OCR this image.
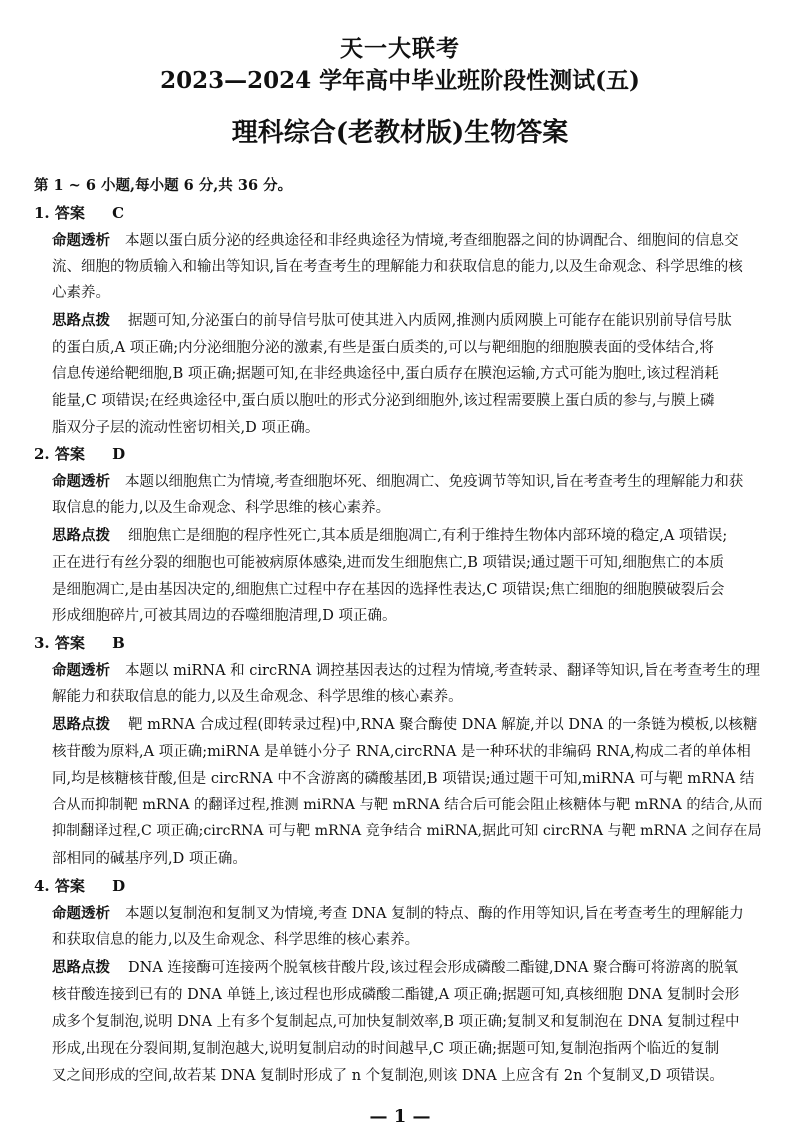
天一大联考
2023—2024 学年高中毕业班阶段性测试(五)
理科综合(老教材版)生物答案
第 1 ~ 6 小题,每小题 6 分,共 36 分。
1. 答案 C
命题透析 本题以蛋白质分泌的经典途径和非经典途径为情境,考查细胞器之间的协调配合、细胞间的信息交
流、细胞的物质输入和输出等知识,旨在考查考生的理解能力和获取信息的能力,以及生命观念、科学思维的核
心素养。
思路点拨 据题可知,分泌蛋白的前导信号肽可使其进入内质网,推测内质网膜上可能存在能识别前导信号肽
的蛋白质,A 项正确;内分泌细胞分泌的激素,有些是蛋白质类的,可以与靶细胞的细胞膜表面的受体结合,将
信息传递给靶细胞,B 项正确;据题可知,在非经典途径中,蛋白质存在膜泡运输,方式可能为胞吐,该过程消耗
能量,C 项错误;在经典途径中,蛋白质以胞吐的形式分泌到细胞外,该过程需要膜上蛋白质的参与,与膜上磷
脂双分子层的流动性密切相关,D 项正确。
2. 答案 D
命题透析 本题以细胞焦亡为情境,考查细胞坏死、细胞凋亡、免疫调节等知识,旨在考查考生的理解能力和获
取信息的能力,以及生命观念、科学思维的核心素养。
思路点拨 细胞焦亡是细胞的程序性死亡,其本质是细胞凋亡,有利于维持生物体内部环境的稳定,A 项错误;
正在进行有丝分裂的细胞也可能被病原体感染,进而发生细胞焦亡,B 项错误;通过题干可知,细胞焦亡的本质
是细胞凋亡,是由基因决定的,细胞焦亡过程中存在基因的选择性表达,C 项错误;焦亡细胞的细胞膜破裂后会
形成细胞碎片,可被其周边的吞噬细胞清理,D 项正确。
3. 答案 B
命题透析 本题以 miRNA 和 circRNA 调控基因表达的过程为情境,考查转录、翻译等知识,旨在考查考生的理
解能力和获取信息的能力,以及生命观念、科学思维的核心素养。
思路点拨 靶 mRNA 合成过程(即转录过程)中,RNA 聚合酶使 DNA 解旋,并以 DNA 的一条链为模板,以核糖
核苷酸为原料,A 项正确;miRNA 是单链小分子 RNA,circRNA 是一种环状的非编码 RNA,构成二者的单体相
同,均是核糖核苷酸,但是 circRNA 中不含游离的磷酸基团,B 项错误;通过题干可知,miRNA 可与靶 mRNA 结
合从而抑制靶 mRNA 的翻译过程,推测 miRNA 与靶 mRNA 结合后可能会阻止核糖体与靶 mRNA 的结合,从而
抑制翻译过程,C 项正确;circRNA 可与靶 mRNA 竞争结合 miRNA,据此可知 circRNA 与靶 mRNA 之间存在局
部相同的碱基序列,D 项正确。
4. 答案 D
命题透析 本题以复制泡和复制叉为情境,考查 DNA 复制的特点、酶的作用等知识,旨在考查考生的理解能力
和获取信息的能力,以及生命观念、科学思维的核心素养。
思路点拨 DNA 连接酶可连接两个脱氧核苷酸片段,该过程会形成磷酸二酯键,DNA 聚合酶可将游离的脱氧
核苷酸连接到已有的 DNA 单链上,该过程也形成磷酸二酯键,A 项正确;据题可知,真核细胞 DNA 复制时会形
成多个复制泡,说明 DNA 上有多个复制起点,可加快复制效率,B 项正确;复制叉和复制泡在 DNA 复制过程中
形成,出现在分裂间期,复制泡越大,说明复制启动的时间越早,C 项正确;据题可知,复制泡指两个临近的复制
叉之间形成的空间,故若某 DNA 复制时形成了 n 个复制泡,则该 DNA 上应含有 2n 个复制叉,D 项错误。
— 1 —
